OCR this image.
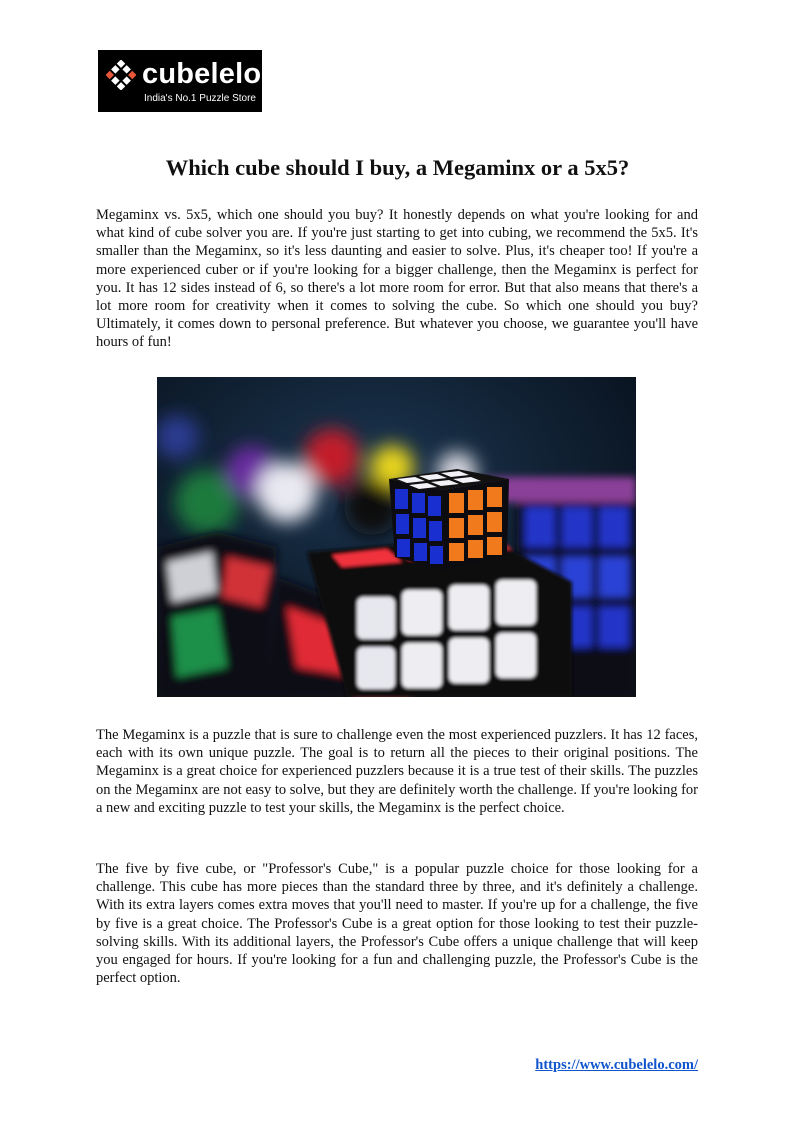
cubelelo
India's No.1 Puzzle Store
Which cube should I buy, a Megaminx or a 5x5?

Megaminx vs. 5x5, which one should you buy? It honestly depends on what you're looking for and what kind of cube solver you are. If you're just starting to get into cubing, we recommend the 5x5. It's smaller than the Megaminx, so it's less daunting and easier to solve. Plus, it's cheaper too! If you're a more experienced cuber or if you're looking for a bigger challenge, then the Megaminx is perfect for you. It has 12 sides instead of 6, so there's a lot more room for error. But that also means that there's a lot more room for creativity when it comes to solving the cube. So which one should you buy? Ultimately, it comes down to personal preference. But whatever you choose, we guarantee you'll have hours of fun!

The Megaminx is a puzzle that is sure to challenge even the most experienced puzzlers. It has 12 faces, each with its own unique puzzle. The goal is to return all the pieces to their original positions. The Megaminx is a great choice for experienced puzzlers because it is a true test of their skills. The puzzles on the Megaminx are not easy to solve, but they are definitely worth the challenge. If you're looking for a new and exciting puzzle to test your skills, the Megaminx is the perfect choice.

The five by five cube, or "Professor's Cube," is a popular puzzle choice for those looking for a challenge. This cube has more pieces than the standard three by three, and it's definitely a challenge. With its extra layers comes extra moves that you'll need to master. If you're up for a challenge, the five by five is a great choice. The Professor's Cube is a great option for those looking to test their puzzle-solving skills. With its additional layers, the Professor's Cube offers a unique challenge that will keep you engaged for hours. If you're looking for a fun and challenging puzzle, the Professor's Cube is the perfect option.

https://www.cubelelo.com/
